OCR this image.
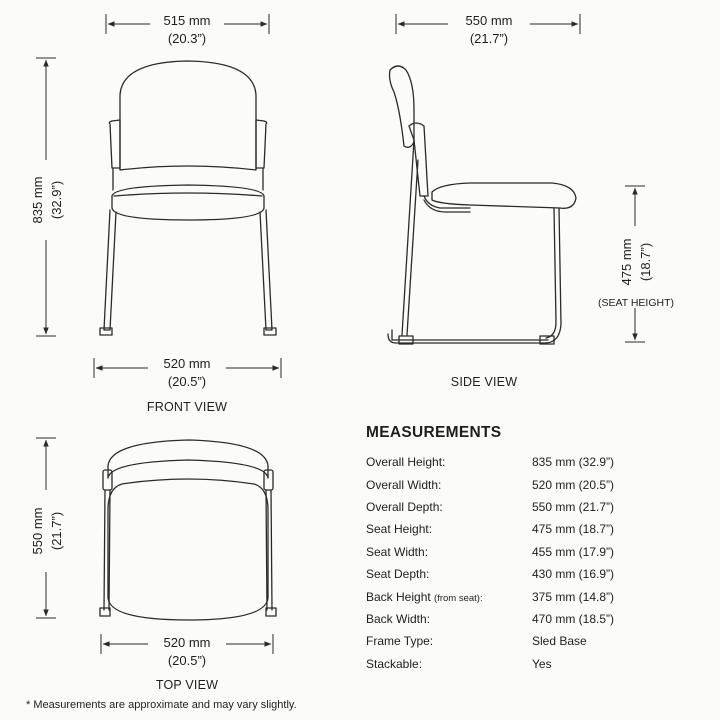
515 mm
(20.3”)
835 mm (32.9”)
520 mm
(20.5”)
FRONT VIEW
550 mm
(21.7”)
475 mm (18.7”)
(SEAT HEIGHT)
SIDE VIEW
550 mm (21.7”)
520 mm
(20.5”)
TOP VIEW
MEASUREMENTS
Overall Height:	835 mm (32.9”)
Overall Width:	520 mm (20.5”)
Overall Depth:	550 mm (21.7”)
Seat Height:	475 mm (18.7”)
Seat Width:	455 mm (17.9”)
Seat Depth:	430 mm (16.9”)
Back Height (from seat):	375 mm (14.8”)
Back Width:	470 mm (18.5”)
Frame Type:	Sled Base
Stackable:	Yes
* Measurements are approximate and may vary slightly.
